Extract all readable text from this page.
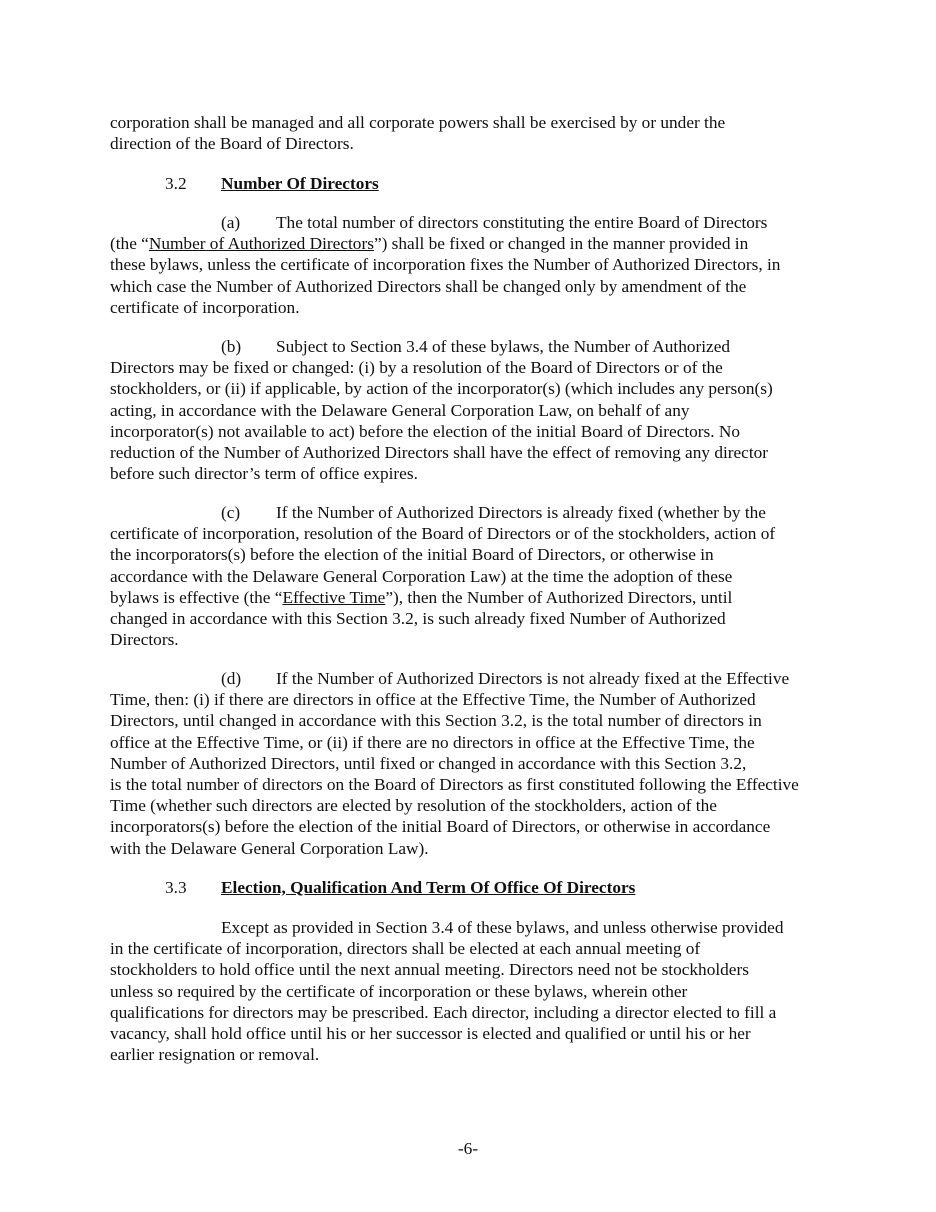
corporation shall be managed and all corporate powers shall be exercised by or under the
direction of the Board of Directors.
3.2 Number Of Directors
(a) The total number of directors constituting the entire Board of Directors
(the “Number of Authorized Directors”) shall be fixed or changed in the manner provided in
these bylaws, unless the certificate of incorporation fixes the Number of Authorized Directors, in
which case the Number of Authorized Directors shall be changed only by amendment of the
certificate of incorporation.
(b) Subject to Section 3.4 of these bylaws, the Number of Authorized
Directors may be fixed or changed: (i) by a resolution of the Board of Directors or of the
stockholders, or (ii) if applicable, by action of the incorporator(s) (which includes any person(s)
acting, in accordance with the Delaware General Corporation Law, on behalf of any
incorporator(s) not available to act) before the election of the initial Board of Directors. No
reduction of the Number of Authorized Directors shall have the effect of removing any director
before such director’s term of office expires.
(c) If the Number of Authorized Directors is already fixed (whether by the
certificate of incorporation, resolution of the Board of Directors or of the stockholders, action of
the incorporators(s) before the election of the initial Board of Directors, or otherwise in
accordance with the Delaware General Corporation Law) at the time the adoption of these
bylaws is effective (the “Effective Time”), then the Number of Authorized Directors, until
changed in accordance with this Section 3.2, is such already fixed Number of Authorized
Directors.
(d) If the Number of Authorized Directors is not already fixed at the Effective
Time, then: (i) if there are directors in office at the Effective Time, the Number of Authorized
Directors, until changed in accordance with this Section 3.2, is the total number of directors in
office at the Effective Time, or (ii) if there are no directors in office at the Effective Time, the
Number of Authorized Directors, until fixed or changed in accordance with this Section 3.2,
is the total number of directors on the Board of Directors as first constituted following the Effective
Time (whether such directors are elected by resolution of the stockholders, action of the
incorporators(s) before the election of the initial Board of Directors, or otherwise in accordance
with the Delaware General Corporation Law).
3.3 Election, Qualification And Term Of Office Of Directors
Except as provided in Section 3.4 of these bylaws, and unless otherwise provided
in the certificate of incorporation, directors shall be elected at each annual meeting of
stockholders to hold office until the next annual meeting. Directors need not be stockholders
unless so required by the certificate of incorporation or these bylaws, wherein other
qualifications for directors may be prescribed. Each director, including a director elected to fill a
vacancy, shall hold office until his or her successor is elected and qualified or until his or her
earlier resignation or removal.
-6-
